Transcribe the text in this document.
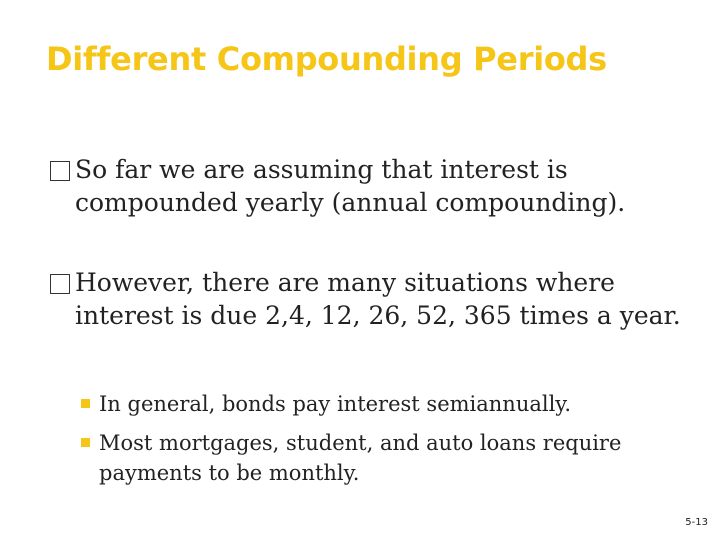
Different Compounding Periods
So far we are assuming that interest is compounded yearly (annual compounding).
However, there are many situations where interest is due 2,4, 12, 26, 52, 365 times a year.
In general, bonds pay interest semiannually.
Most mortgages, student, and auto loans require payments to be monthly.
5-13
